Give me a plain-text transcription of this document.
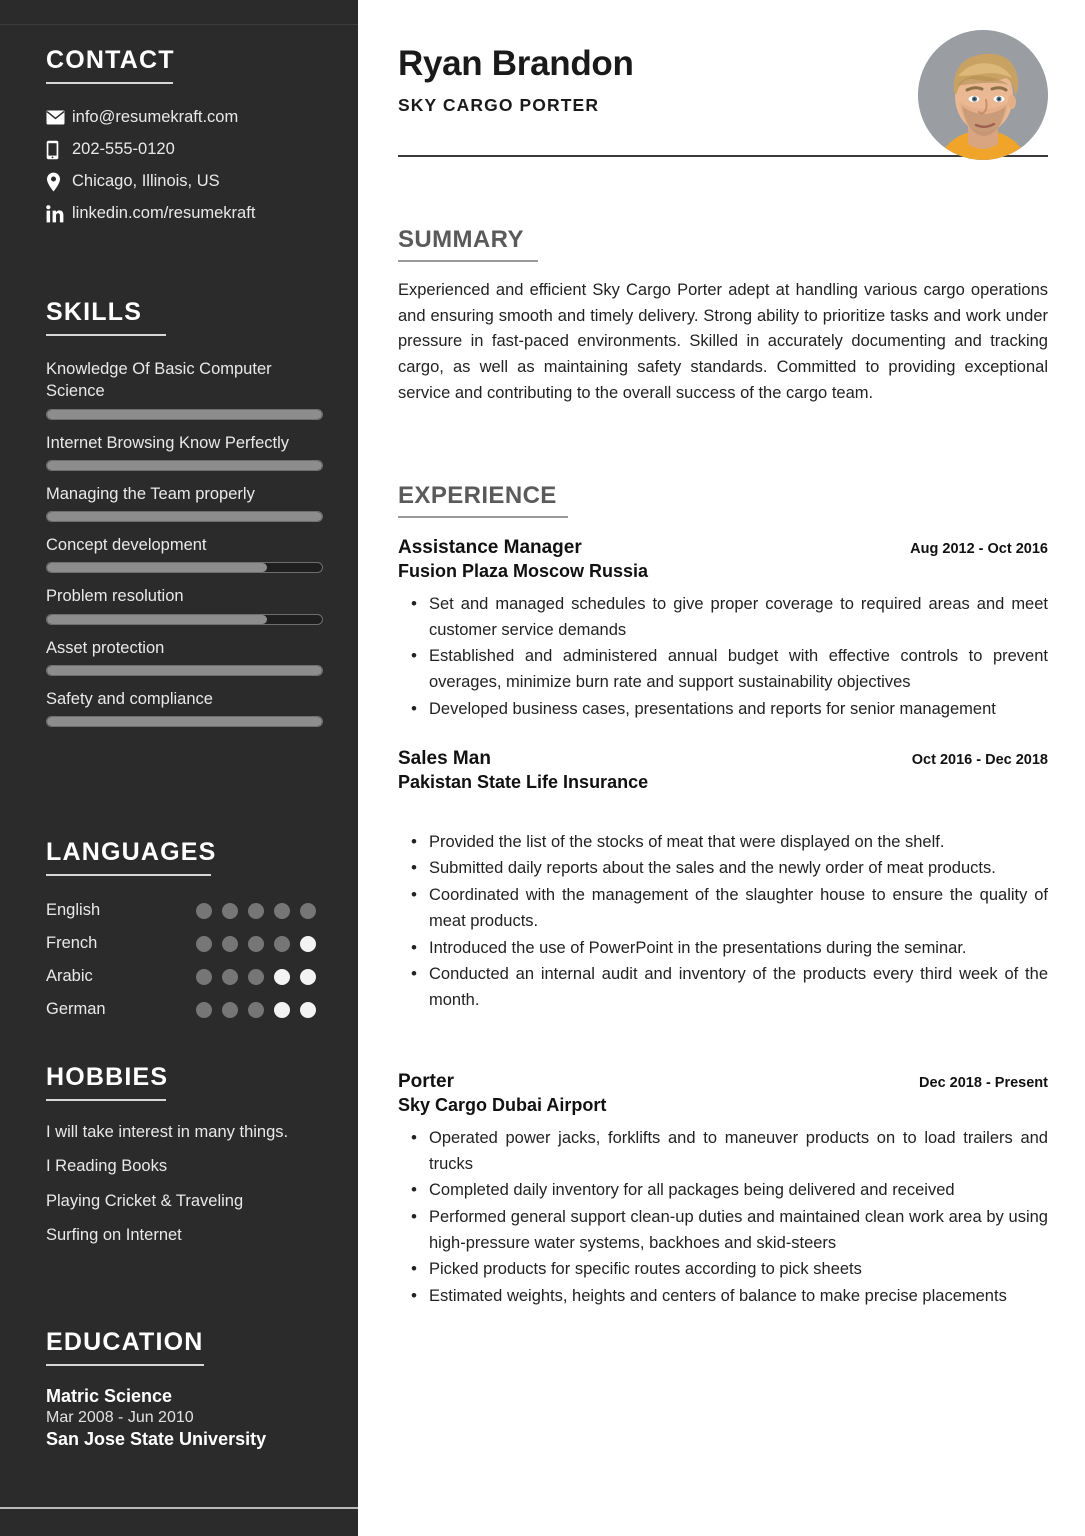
CONTACT
info@resumekraft.com
202-555-0120
Chicago, Illinois, US
linkedin.com/resumekraft
SKILLS
Knowledge Of Basic Computer Science
Internet Browsing Know Perfectly
Managing the Team properly
Concept development
Problem resolution
Asset protection
Safety and compliance
LANGUAGES
English
French
Arabic
German
HOBBIES
I will take interest in many things.
I Reading Books
Playing Cricket & Traveling
Surfing on Internet
EDUCATION
Matric Science
Mar 2008 - Jun 2010
San Jose State University
Ryan Brandon
SKY CARGO PORTER
SUMMARY

Experienced and efficient Sky Cargo Porter adept at handling various cargo operations and ensuring smooth and timely delivery. Strong ability to prioritize tasks and work under pressure in fast-paced environments. Skilled in accurately documenting and tracking cargo, as well as maintaining safety standards. Committed to providing exceptional service and contributing to the overall success of the cargo team.

EXPERIENCE
Assistance Manager	Aug 2012 - Oct 2016
Fusion Plaza Moscow Russia
• Set and managed schedules to give proper coverage to required areas and meet customer service demands
• Established and administered annual budget with effective controls to prevent overages, minimize burn rate and support sustainability objectives
• Developed business cases, presentations and reports for senior management
Sales Man	Oct 2016 - Dec 2018
Pakistan State Life Insurance
• Provided the list of the stocks of meat that were displayed on the shelf.
• Submitted daily reports about the sales and the newly order of meat products.
• Coordinated with the management of the slaughter house to ensure the quality of meat products.
• Introduced the use of PowerPoint in the presentations during the seminar.
• Conducted an internal audit and inventory of the products every third week of the month.
Porter	Dec 2018 - Present
Sky Cargo Dubai Airport
• Operated power jacks, forklifts and to maneuver products on to load trailers and trucks
• Completed daily inventory for all packages being delivered and received
• Performed general support clean-up duties and maintained clean work area by using high-pressure water systems, backhoes and skid-steers
• Picked products for specific routes according to pick sheets
• Estimated weights, heights and centers of balance to make precise placements
